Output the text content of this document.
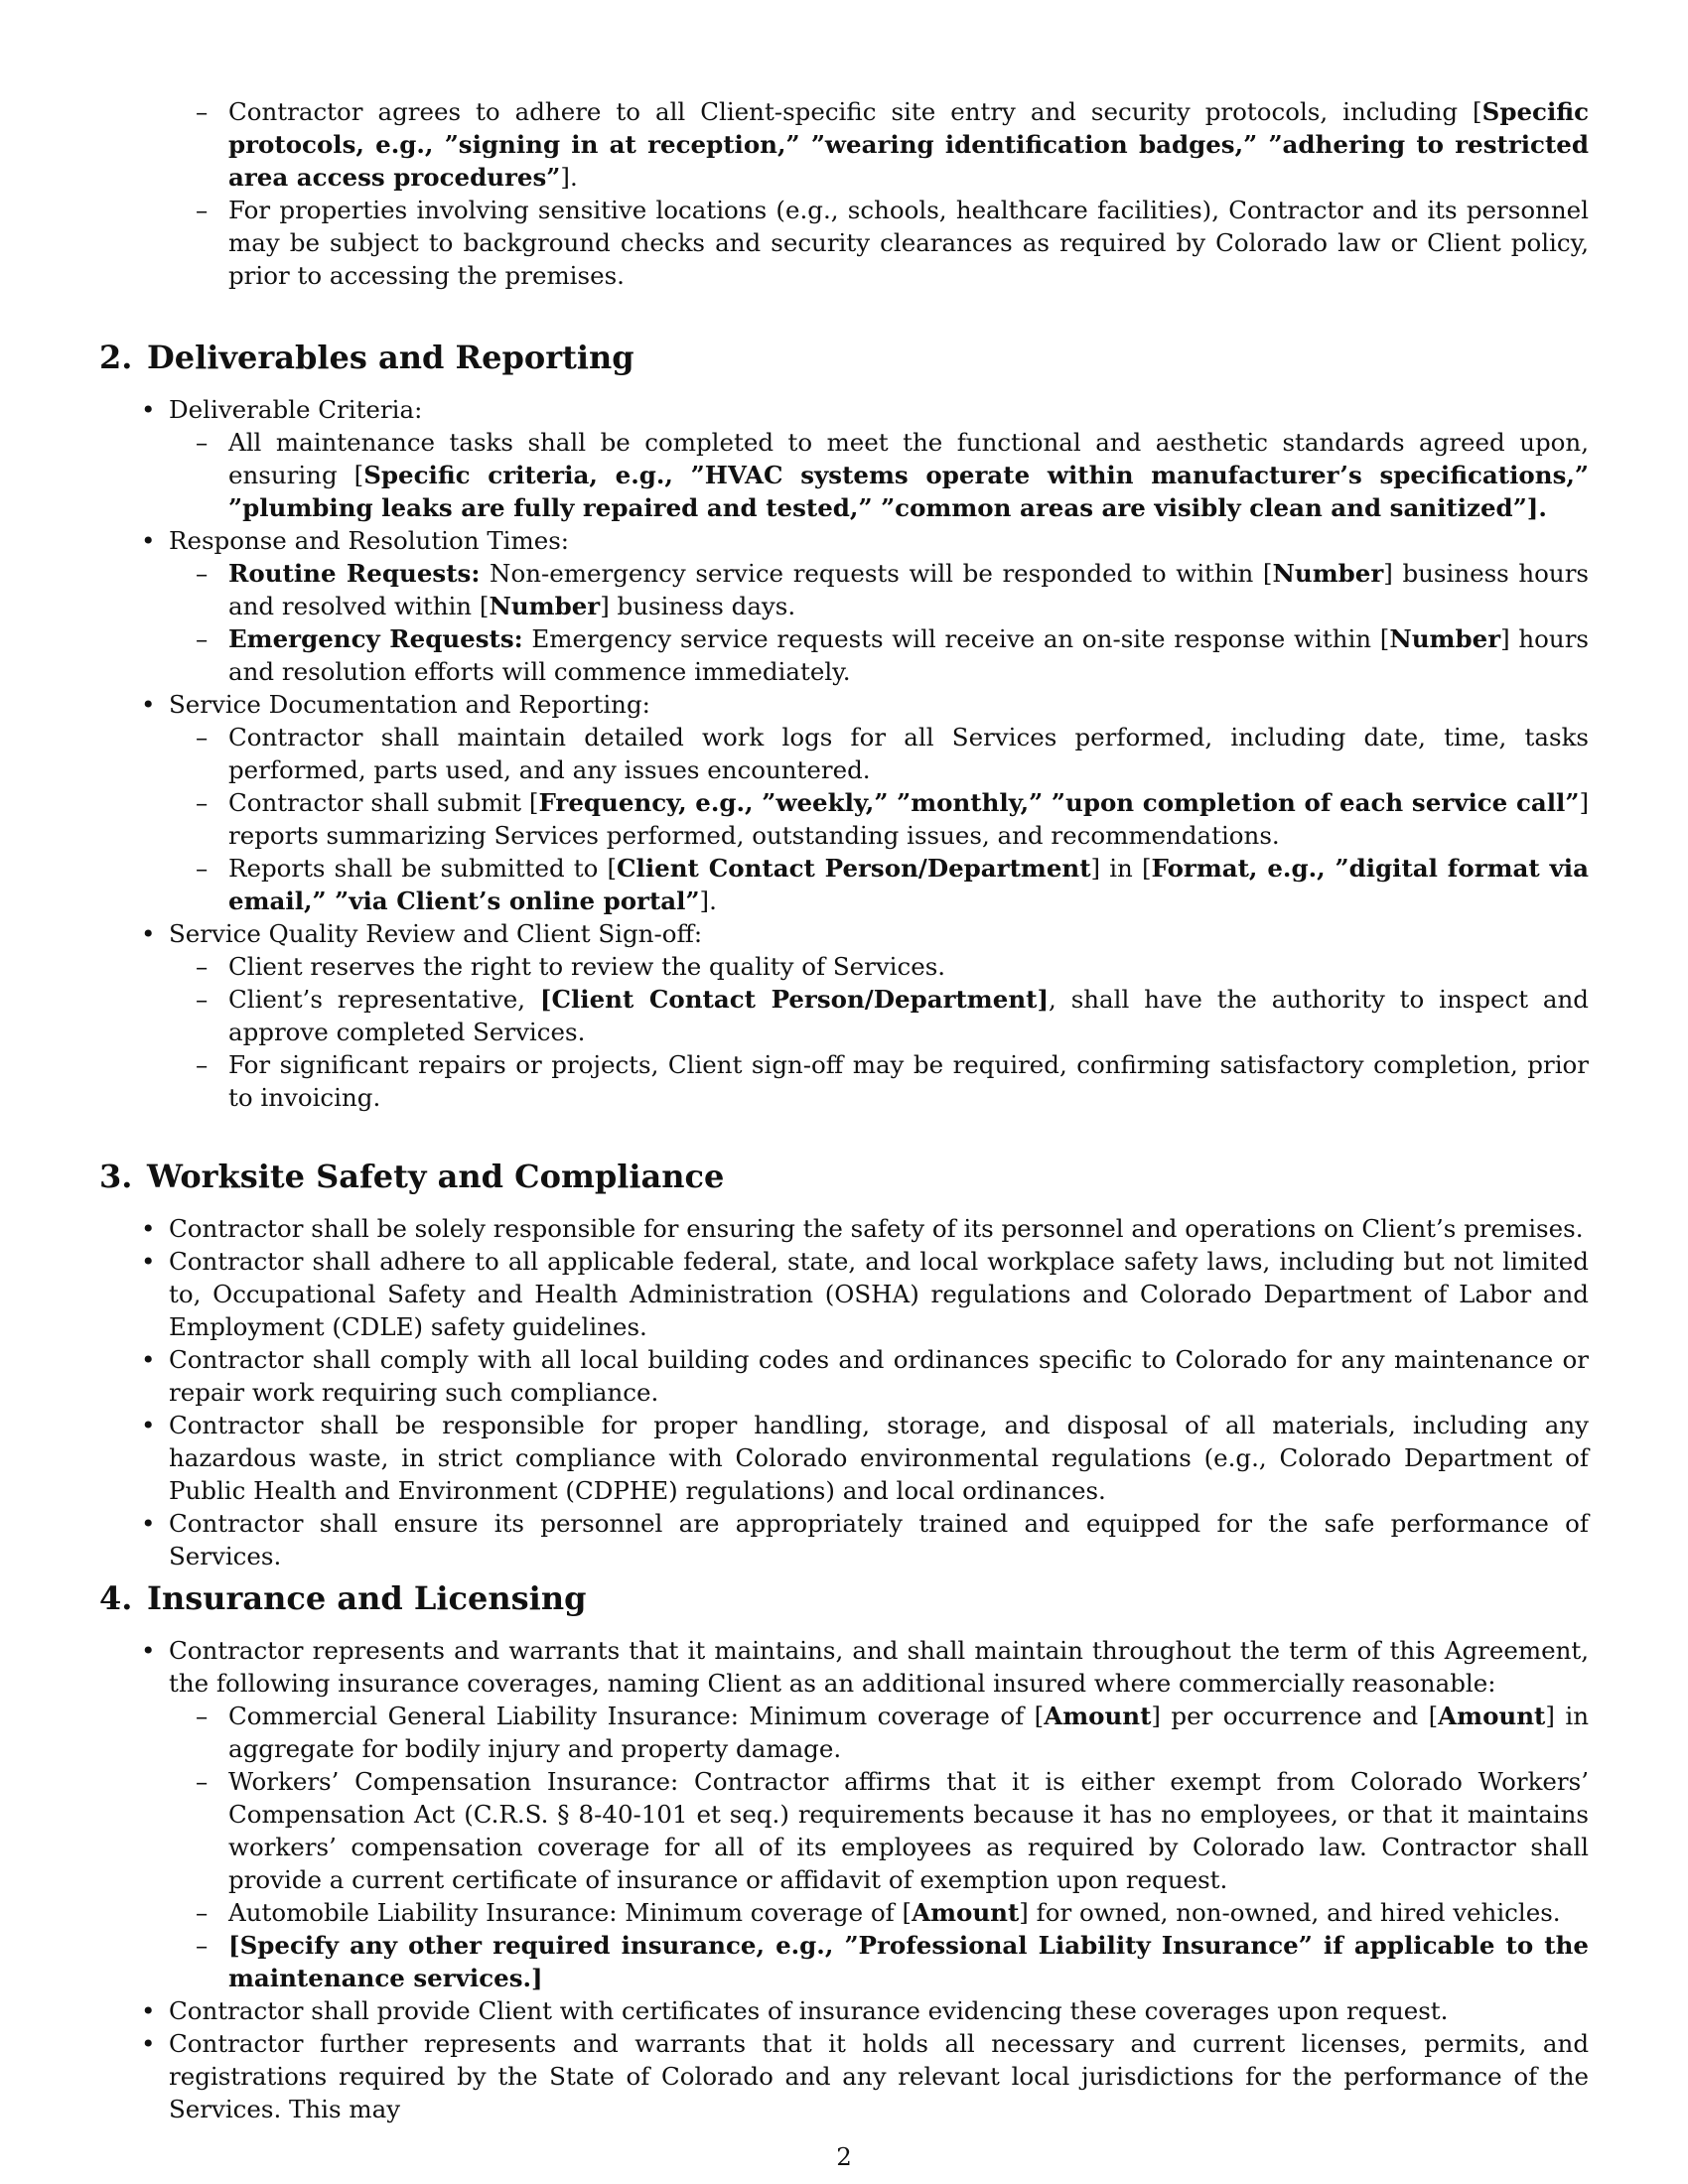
– Contractor agrees to adhere to all Client-specific site entry and security protocols, including [Specific protocols, e.g., ”signing in at reception,” ”wearing identification badges,” ”adhering to restricted area access procedures”].

– For properties involving sensitive locations (e.g., schools, healthcare facilities), Contractor and its personnel may be subject to background checks and security clearances as required by Colorado law or Client policy, prior to accessing the premises.

2. Deliverables and Reporting

• Deliverable Criteria:

– All maintenance tasks shall be completed to meet the functional and aesthetic standards agreed upon, ensuring [Specific criteria, e.g., ”HVAC systems operate within manufacturer’s specifications,” ”plumbing leaks are fully repaired and tested,” ”common areas are visibly clean and sanitized”].

• Response and Resolution Times:

– Routine Requests: Non-emergency service requests will be responded to within [Number] business hours and resolved within [Number] business days.

– Emergency Requests: Emergency service requests will receive an on-site response within [Number] hours and resolution efforts will commence immediately.

• Service Documentation and Reporting:

– Contractor shall maintain detailed work logs for all Services performed, including date, time, tasks performed, parts used, and any issues encountered.

– Contractor shall submit [Frequency, e.g., ”weekly,” ”monthly,” ”upon completion of each service call”] reports summarizing Services performed, outstanding issues, and recommendations.

– Reports shall be submitted to [Client Contact Person/Department] in [Format, e.g., ”digital format via email,” ”via Client’s online portal”].

• Service Quality Review and Client Sign-off:

– Client reserves the right to review the quality of Services.

– Client’s representative, [Client Contact Person/Department], shall have the authority to inspect and approve completed Services.

– For significant repairs or projects, Client sign-off may be required, confirming satisfactory completion, prior to invoicing.

3. Worksite Safety and Compliance

• Contractor shall be solely responsible for ensuring the safety of its personnel and operations on Client’s premises.

• Contractor shall adhere to all applicable federal, state, and local workplace safety laws, including but not limited to, Occupational Safety and Health Administration (OSHA) regulations and Colorado Department of Labor and Employment (CDLE) safety guidelines.

• Contractor shall comply with all local building codes and ordinances specific to Colorado for any maintenance or repair work requiring such compliance.

• Contractor shall be responsible for proper handling, storage, and disposal of all materials, including any hazardous waste, in strict compliance with Colorado environmental regulations (e.g., Colorado Department of Public Health and Environment (CDPHE) regulations) and local ordinances.

• Contractor shall ensure its personnel are appropriately trained and equipped for the safe performance of Services.

4. Insurance and Licensing

• Contractor represents and warrants that it maintains, and shall maintain throughout the term of this Agreement, the following insurance coverages, naming Client as an additional insured where commercially reasonable:

– Commercial General Liability Insurance: Minimum coverage of [Amount] per occurrence and [Amount] in aggregate for bodily injury and property damage.

– Workers’ Compensation Insurance: Contractor affirms that it is either exempt from Colorado Workers’ Compensation Act (C.R.S. § 8-40-101 et seq.) requirements because it has no employees, or that it maintains workers’ compensation coverage for all of its employees as required by Colorado law. Contractor shall provide a current certificate of insurance or affidavit of exemption upon request.

– Automobile Liability Insurance: Minimum coverage of [Amount] for owned, non-owned, and hired vehicles.

– [Specify any other required insurance, e.g., ”Professional Liability Insurance” if applicable to the maintenance services.]

• Contractor shall provide Client with certificates of insurance evidencing these coverages upon request.

• Contractor further represents and warrants that it holds all necessary and current licenses, permits, and registrations required by the State of Colorado and any relevant local jurisdictions for the performance of the Services. This may

2
